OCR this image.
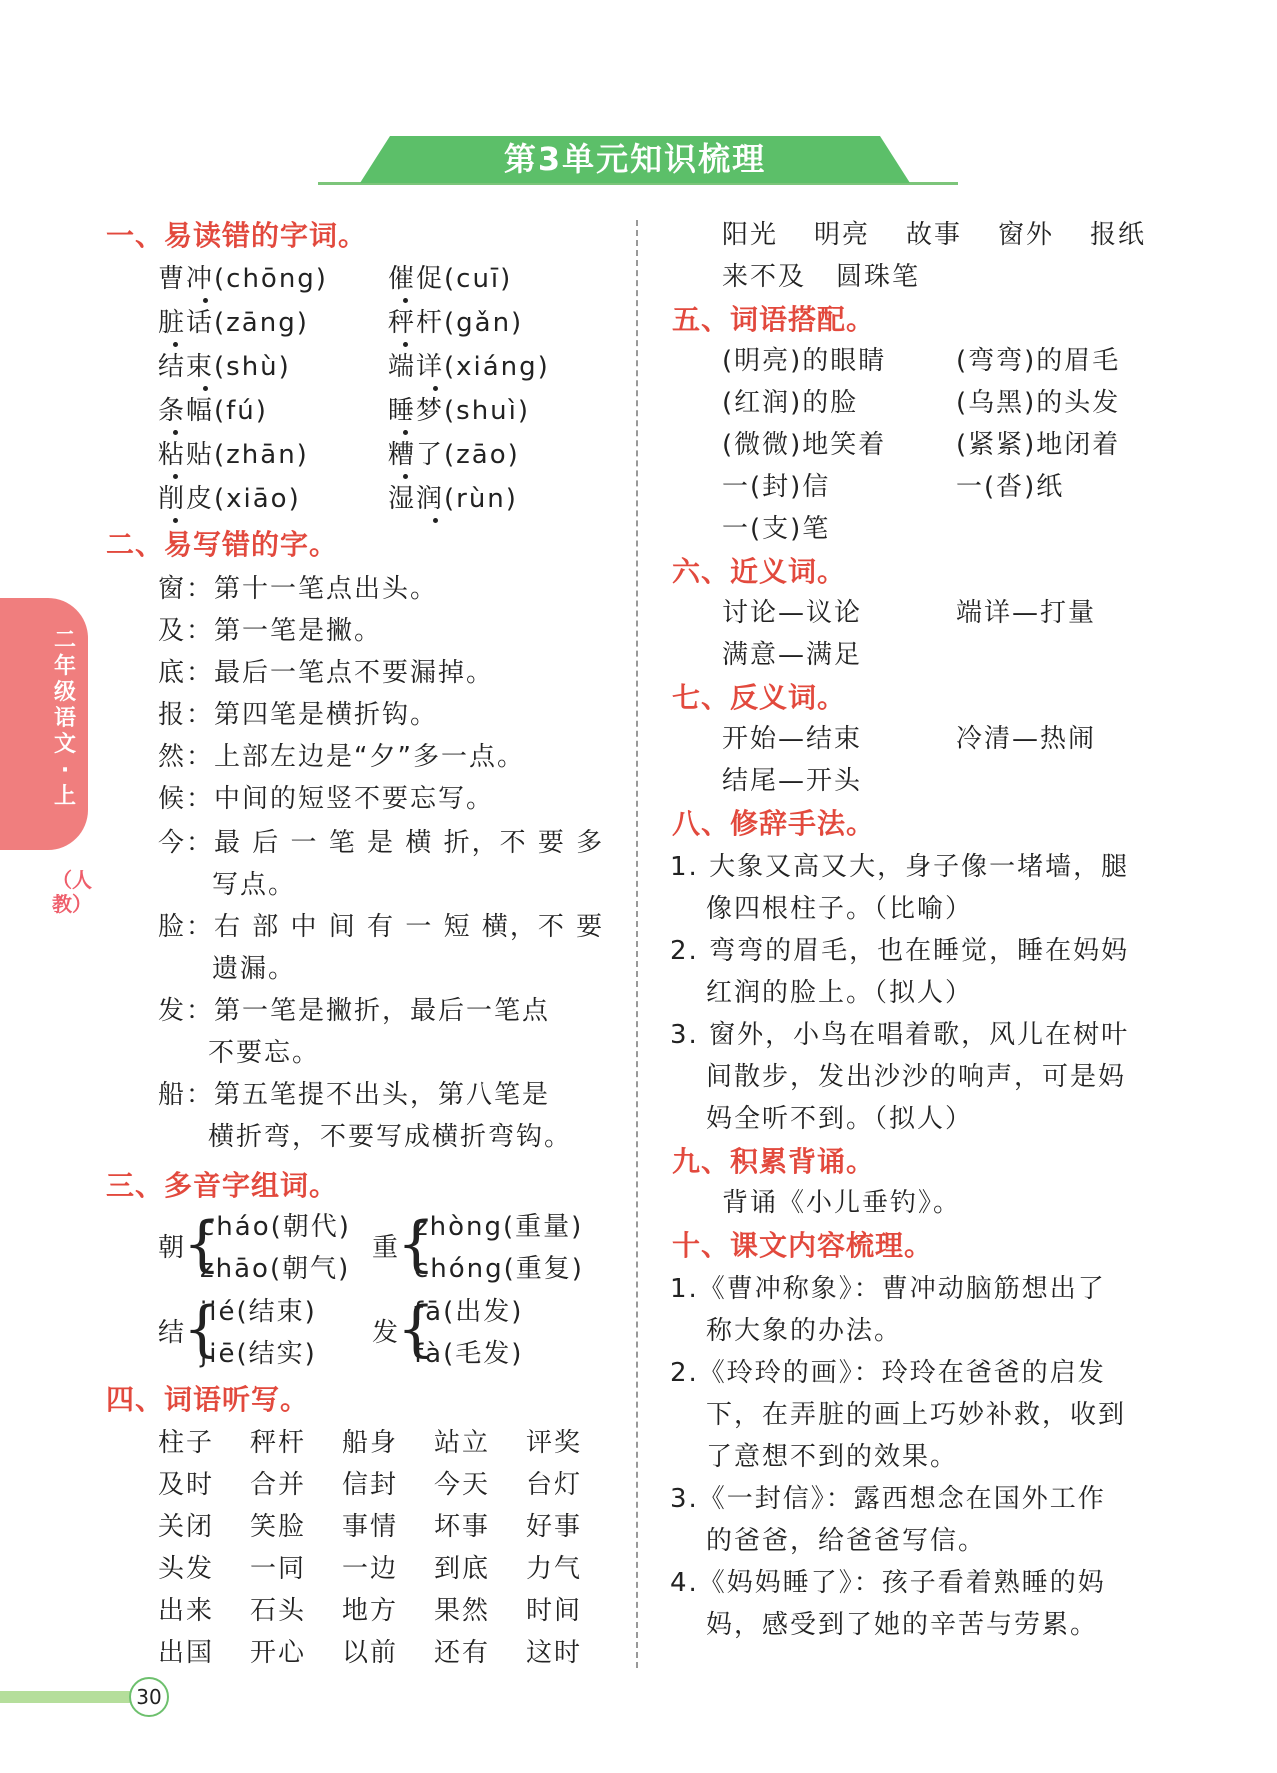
第3单元知识梳理
二年级语文·上
（人教）
一、易读错的字词。
曹冲(chōng) 催促(cuī)
脏话(zāng)	秤杆(gǎn)
结束(shù)	端详(xiáng)
条幅(fú)	睡梦(shuì)
粘贴(zhān)	糟了(zāo)
削皮(xiāo)	湿润(rùn)
二、易写错的字。
窗：第十一笔点出头。
及：第一笔是撇。
底：最后一笔点不要漏掉。
报：第四笔是横折钩。
然：上部左边是“夕”多一点。
候：中间的短竖不要忘写。
今：最 后 一 笔 是 横 折，不 要 多
写点。
脸：右 部 中 间 有 一 短 横，不 要
遗漏。
发：第一笔是撇折，最后一笔点
不要忘。
船：第五笔提不出头，第八笔是
横折弯，不要写成横折弯钩。
三、多音字组词。
朝
{
cháo(朝代)
zhāo(朝气)
重
{
zhòng(重量)
chóng(重复)
结
{
jié(结束)
jiē(结实)
发
{
fā(出发)
fà(毛发)
四、词语听写。
柱子 秤杆 船身 站立 评奖
及时 合并 信封 今天 台灯
关闭 笑脸 事情 坏事 好事
头发 一同 一边 到底 力气
出来 石头 地方 果然 时间
出国 开心 以前 还有 这时
阳光 明亮 故事 窗外 报纸
来不及 圆珠笔
五、词语搭配。
(明亮)的眼睛	(弯弯)的眉毛
(红润)的脸	(乌黑)的头发
(微微)地笑着	(紧紧)地闭着
一(封)信	一(沓)纸
一(支)笔
六、近义词。
讨论—议论	端详—打量
满意—满足
七、反义词。
开始—结束	冷清—热闹
结尾—开头
八、修辞手法。
1. 大象又高又大，身子像一堵墙，腿
像四根柱子。（比喻）
2. 弯弯的眉毛，也在睡觉，睡在妈妈
红润的脸上。（拟人）
3. 窗外，小鸟在唱着歌，风儿在树叶
间散步，发出沙沙的响声，可是妈
妈全听不到。（拟人）
九、积累背诵。
背诵《小儿垂钓》。
十、课文内容梳理。
1.《曹冲称象》：曹冲动脑筋想出了
称大象的办法。
2.《玲玲的画》：玲玲在爸爸的启发
下，在弄脏的画上巧妙补救，收到
了意想不到的效果。
3.《一封信》：露西想念在国外工作
的爸爸，给爸爸写信。
4.《妈妈睡了》：孩子看着熟睡的妈
妈，感受到了她的辛苦与劳累。
30
